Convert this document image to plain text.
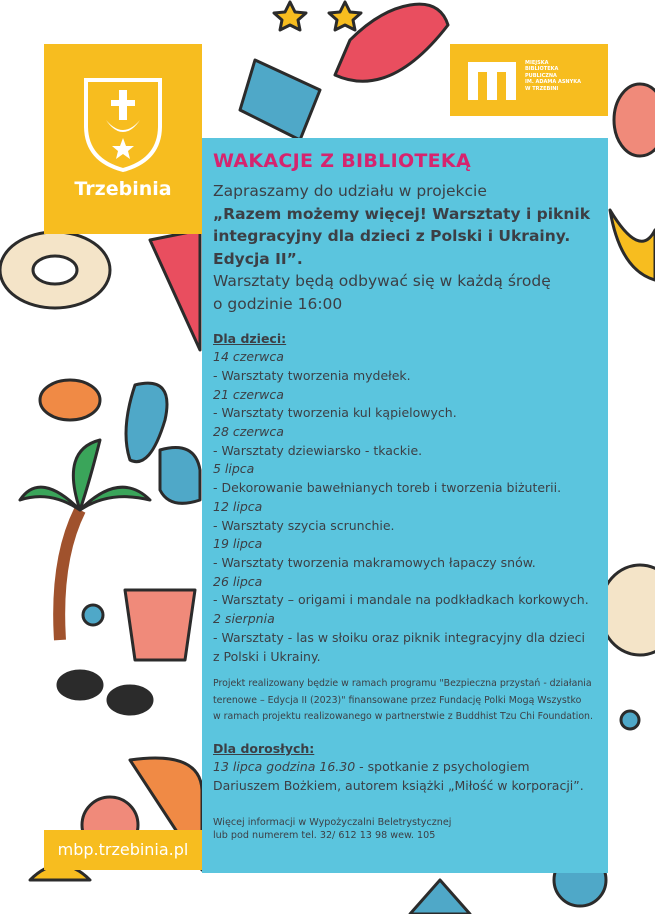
Trzebinia
MIEJSKA
BIBLIOTEKA
PUBLICZNA
IM. ADAMA ASNYKA
W TRZEBINI
WAKACJE Z BIBLIOTEKĄ
Zapraszamy do udziału w projekcie
„Razem możemy więcej! Warsztaty i piknik
integracyjny dla dzieci z Polski i Ukrainy.
Edycja II”.
Warsztaty będą odbywać się w każdą środę
o godzinie 16:00
Dla dzieci:
14 czerwca
- Warsztaty tworzenia mydełek.
21 czerwca
- Warsztaty tworzenia kul kąpielowych.
28 czerwca
- Warsztaty dziewiarsko - tkackie.
5 lipca
- Dekorowanie bawełnianych toreb i tworzenia biżuterii.
12 lipca
- Warsztaty szycia scrunchie.
19 lipca
- Warsztaty tworzenia makramowych łapaczy snów.
26 lipca
- Warsztaty – origami i mandale na podkładkach korkowych.
2 sierpnia
- Warsztaty - las w słoiku oraz piknik integracyjny dla dzieci
z Polski i Ukrainy.
Projekt realizowany będzie w ramach programu "Bezpieczna przystań - działania
terenowe – Edycja II (2023)" finansowane przez Fundację Polki Mogą Wszystko
w ramach projektu realizowanego w partnerstwie z Buddhist Tzu Chi Foundation.
Dla dorosłych:
13 lipca godzina 16.30 - spotkanie z psychologiem
Dariuszem Bożkiem, autorem książki „Miłość w korporacji”.
Więcej informacji w Wypożyczalni Beletrystycznej
lub pod numerem tel. 32/ 612 13 98 wew. 105
mbp.trzebinia.pl
